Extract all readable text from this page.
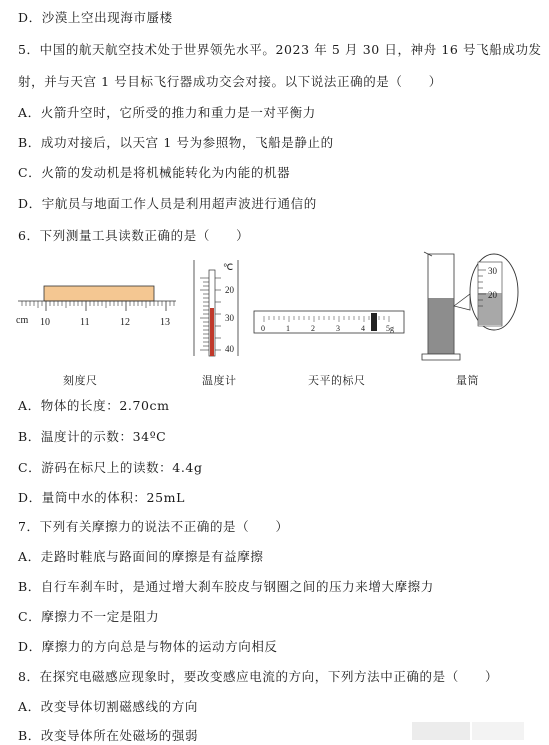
D．沙漠上空出现海市蜃楼
5．中国的航天航空技术处于世界领先水平。2023 年 5 月 30 日，神舟 16 号飞船成功发
射，并与天宫 1 号目标飞行器成功交会对接。以下说法正确的是（　　）
A．火箭升空时，它所受的推力和重力是一对平衡力
B．成功对接后，以天宫 1 号为参照物，飞船是静止的
C．火箭的发动机是将机械能转化为内能的机器
D．宇航员与地面工作人员是利用超声波进行通信的
6．下列测量工具读数正确的是（　　）
cm 10	11	12	13
刻度尺
℃
20
30
40
温度计
0	1	2	3	4	5g
天平的标尺
30
20
量筒
A．物体的长度：2.70cm
B．温度计的示数：34ºC
C．游码在标尺上的读数：4.4g
D．量筒中水的体积：25mL
7．下列有关摩擦力的说法不正确的是（　　）
A．走路时鞋底与路面间的摩擦是有益摩擦
B．自行车刹车时，是通过增大刹车胶皮与钢圈之间的压力来增大摩擦力
C．摩擦力不一定是阻力
D．摩擦力的方向总是与物体的运动方向相反
8．在探究电磁感应现象时，要改变感应电流的方向，下列方法中正确的是（　　）
A．改变导体切割磁感线的方向
B．改变导体所在处磁场的强弱
